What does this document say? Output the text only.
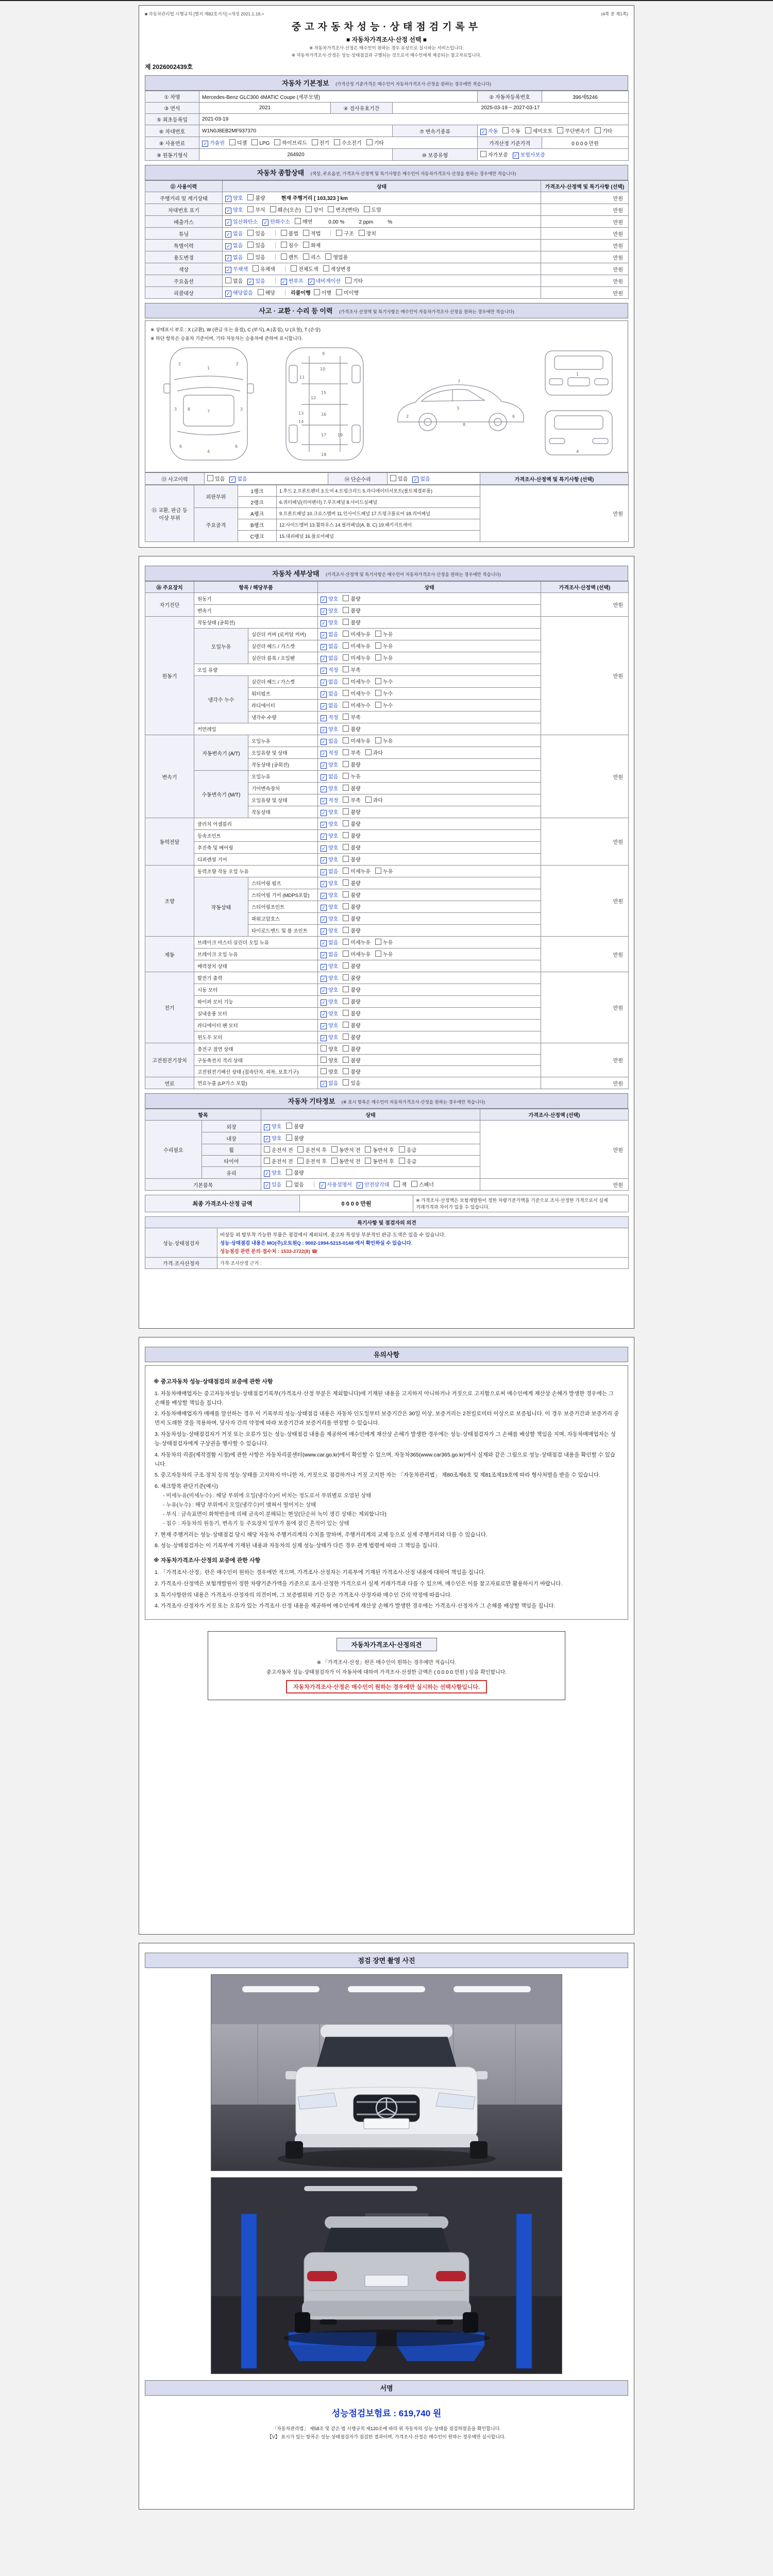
■ 자동차관리법 시행규칙 [별지 제82호서식] <개정 2021.1.19.>	(4쪽 중 제1쪽)
중고자동차성능·상태점검기록부
■ 자동차가격조사·산정 선택 ■
※ 자동차가격조사·산정은 매수인이 원하는 경우 유상으로 실시하는 서비스입니다.
※ 자동차가격조사·산정은 성능·상태점검과 구별되는 것으로서 매수인에게 제공되는 참고자료입니다.
제 2026002439호
자동차 기본정보 (가격산정 기준가격은 매수인이 자동차가격조사·산정을 원하는 경우에만 적습니다)
① 차명	Mercedes-Benz GLC300 4MATIC Coupe (세부모델)			② 자동차등록번호	396세5246
③ 연식	2021	④ 검사유효기간	2025-03-19 ~ 2027-03-17		
⑤ 최초등록일	2021-03-19				
⑥ 차대번호	W1N0J8EB2MF937370		⑦ 변속기종류	✓ 자동 수동 세미오토 무단변속기 기타	
⑧ 사용연료	✓ 가솔린 디젤 LPG 하이브리드 전기 수소전기 기타			가격산정 기준가격	0 0 0 0 만원
⑨ 원동기형식	264920		⑩ 보증유형	자가보증 ✓ 보험사보증	
자동차 종합상태 (색상, 주요옵션, 가격조사·산정액 및 특기사항은 매수인이 자동차가격조사·산정을 원하는 경우에만 적습니다)
⑪ 사용이력	상태	가격조사·산정액 및 특기사항 (선택)
주행거리 및 계기상태	✓ 양호 불량 현재 주행거리 [ 103,323 ] km	만원
차대번호 표기	✓ 양호 부식 훼손(오손) 상이 변조(변타) 도말	만원
배출가스	✓ 일산화탄소 ✓ 탄화수소 매연 0.00 % 2 ppm %	만원
튜닝	✓ 없음 있음 불법 적법 구조 장치	만원
특별이력	✓ 없음 있음 침수 화재	만원
용도변경	✓ 없음 있음 렌트 리스 영업용	만원
색상	✓ 무채색 유채색 전체도색 색상변경	만원
주요옵션	없음 ✓ 있음 ✓ 썬루프 ✓ 네비게이션 기타	만원
리콜대상	✓ 해당없음 해당 리콜이행 이행 미이행	만원
사고 · 교환 · 수리 등 이력 (가격조사·산정액 및 특기사항은 매수인이 자동차가격조사·산정을 원하는 경우에만 적습니다)
※ 상태표시 부호 : X (교환), W (판금 또는 용접), C (부식), A (흠집), U (요철), T (손상)
※ 하단 항목은 승용차 기준이며, 기타 자동차는 승용차에 준하여 표시합니다.
1
2	2
3	3
7
4
6	6
8
9
10
11
12
13
14
15
16
17
18
19
2
3
7
6
8
1
4
⑬ 사고이력	있음 ✓ 없음	⑭ 단순수리	있음 ✓ 없음	가격조사·산정액 및 특기사항 (선택)
⑮ 교환, 판금 등 이상 부위	외판부위	1랭크	1.후드 2.프론트펜더 3.도어 4.트렁크리드 5.라디에이터서포트(볼트체결부품)	만원
		2랭크	6.쿼터패널(리어펜더) 7.루프패널 8.사이드실패널	
	주요골격	A랭크	9.프론트패널 10.크로스멤버 11.인사이드패널 17.트렁크플로어 18.리어패널	
		B랭크	12.사이드멤버 13.휠하우스 14.필러패널(A, B, C) 19.패키지트레이	
		C랭크	15.대쉬패널 16.플로어패널	
자동차 세부상태 (가격조사·산정액 및 특기사항은 매수인이 자동차가격조사·산정을 원하는 경우에만 적습니다)
⑯ 주요장치	항목 / 해당부품		상태	가격조사·산정액 (선택)
자기진단	원동기		✓ 양호 불량	만원
	변속기		✓ 양호 불량	
원동기	작동상태 (공회전)		✓ 양호 불량	만원
	오일누유	실린더 커버 (로커암 커버)	✓ 없음 미세누유 누유	
		실린더 헤드 / 가스켓	✓ 없음 미세누유 누유	
		실린더 블록 / 오일팬	✓ 없음 미세누유 누유	
	오일 유량		✓ 적정 부족	
	냉각수 누수	실린더 헤드 / 가스켓	✓ 없음 미세누수 누수	
		워터펌프	✓ 없음 미세누수 누수	
		라디에이터	✓ 없음 미세누수 누수	
		냉각수 수량	✓ 적정 부족	
	커먼레일		✓ 양호 불량	
변속기	자동변속기 (A/T)	오일누유	✓ 없음 미세누유 누유	만원
		오일유량 및 상태	✓ 적정 부족 과다	
		작동상태 (공회전)	✓ 양호 불량	
	수동변속기 (M/T)	오일누유	✓ 없음 누유	
		기어변속장치	✓ 양호 불량	
		오일유량 및 상태	✓ 적정 부족 과다	
		작동상태	✓ 양호 불량	
동력전달	클러치 어셈블리		✓ 양호 불량	만원
	등속조인트		✓ 양호 불량	
	추진축 및 베어링		✓ 양호 불량	
	디퍼렌셜 기어		✓ 양호 불량	
조향	동력조향 작동 오일 누유		✓ 없음 미세누유 누유	만원
	작동상태	스티어링 펌프	✓ 양호 불량	
		스티어링 기어 (MDPS포함)	✓ 양호 불량	
		스티어링조인트	✓ 양호 불량	
		파워고압호스	✓ 양호 불량	
		타이로드엔드 및 볼 조인트	✓ 양호 불량	
제동	브레이크 마스터 실린더 오일 누유		✓ 없음 미세누유 누유	만원
	브레이크 오일 누유		✓ 없음 미세누유 누유	
	배력장치 상태		✓ 양호 불량	
전기	발전기 출력		✓ 양호 불량	만원
	시동 모터		✓ 양호 불량	
	와이퍼 모터 기능		✓ 양호 불량	
	실내송풍 모터		✓ 양호 불량	
	라디에이터 팬 모터		✓ 양호 불량	
	윈도우 모터		✓ 양호 불량	
고전원전기장치	충전구 절연 상태		양호 불량	만원
	구동축전지 격리 상태		양호 불량	
	고전원전기배선 상태 (접속단자, 피복, 보호기구)		양호 불량	
연료	연료누출 (LP가스 포함)		✓ 없음 있음	만원
자동차 기타정보 (※ 표시 항목은 매수인이 자동차가격조사·산정을 원하는 경우에만 적습니다)
항목		상태	가격조사·산정액 (선택)
수리필요	외장	✓ 양호 불량	만원
	내장	✓ 양호 불량	
	휠	운전석 전 운전석 후 동반석 전 동반석 후 응급	
	타이어	운전석 전 운전석 후 동반석 전 동반석 후 응급	
	유리	✓ 양호 불량	
기본품목		✓ 있음 없음 ✓ 사용설명서 ✓ 안전삼각대 잭 스패너	만원
최종 가격조사·산정 금액	0 0 0 0 만원	※ 가격조사·산정액은 보험개발원이 정한 차량기준가액을 기준으로 조사·산정한 가격으로서 실제 거래가격과 차이가 있을 수 있습니다.
특기사항 및 점검자의 의견	
성능·상태점검자	비상등 외 탈부착 가능한 부품은 점검에서 제외되며, 중고차 특성상 부분적인 판금·도색은 있을 수 있습니다.
성능·상태점검 내용은 MO(주)오토원Q : 9002-1994-5215-0148 에서 확인하실 수 있습니다.
성능점검 관련 문의·접수처 : 1533-2722(8) ☎

가격·조사산정자	가격·조사산정 근거 :
유의사항
※ 중고자동차 성능·상태점검의 보증에 관한 사항
1. 자동차매매업자는 중고자동차성능·상태점검기록부(가격조사·산정 부분은 제외합니다)에 기재된 내용을 고지하지 아니하거나 거짓으로 고지함으로써 매수인에게 재산상 손해가 발생한 경우에는 그 손해를 배상할 책임을 집니다.
2. 자동차매매업자가 매매를 알선하는 경우 이 기록부의 성능·상태점검 내용은 자동차 인도일부터 보증기간은 30일 이상, 보증거리는 2천킬로미터 이상으로 보증됩니다. 이 경우 보증기간과 보증거리 중 먼저 도래한 것을 적용하며, 당사자 간의 약정에 따라 보증기간과 보증거리를 연장할 수 있습니다.
3. 자동차성능·상태점검자가 거짓 또는 오류가 있는 성능·상태점검 내용을 제공하여 매수인에게 재산상 손해가 발생한 경우에는 성능·상태점검자가 그 손해를 배상할 책임을 지며, 자동차매매업자는 성능·상태점검자에게 구상권을 행사할 수 있습니다.
4. 자동차의 리콜(제작결함 시정)에 관한 사항은 자동차리콜센터(www.car.go.kr)에서 확인할 수 있으며, 자동차365(www.car365.go.kr)에서 실제와 같은 그림으로 성능·상태점검 내용을 확인할 수 있습니다.
5. 중고자동차의 구조·장치 등의 성능·상태를 고지하지 아니한 자, 거짓으로 점검하거나 거짓 고지한 자는 「자동차관리법」 제80조제6호 및 제81조제19호에 따라 형사처벌을 받을 수 있습니다.
6. 체크항목 판단기준(예시)
- 미세누유(미세누수) : 해당 부위에 오일(냉각수)이 비치는 정도로서 부위별로 오염된 상태
- 누유(누수) : 해당 부위에서 오일(냉각수)이 맺혀서 떨어지는 상태
- 부식 : 금속표면이 화학반응에 의해 금속이 분해되는 현상(단순히 녹이 생긴 상태는 제외합니다)
- 침수 : 자동차의 원동기, 변속기 등 주요장치 일부가 물에 잠긴 흔적이 있는 상태
7. 현재 주행거리는 성능·상태점검 당시 해당 자동차 주행거리계의 수치를 말하며, 주행거리계의 교체 등으로 실제 주행거리와 다를 수 있습니다.
8. 성능·상태점검자는 이 기록부에 기재된 내용과 자동차의 실제 성능·상태가 다른 경우 관계 법령에 따라 그 책임을 집니다.
※ 자동차가격조사·산정의 보증에 관한 사항
1. 「가격조사·산정」란은 매수인이 원하는 경우에만 적으며, 가격조사·산정자는 기록부에 기재된 가격조사·산정 내용에 대하여 책임을 집니다.
2. 가격조사·산정액은 보험개발원이 정한 차량기준가액을 기준으로 조사·산정한 가격으로서 실제 거래가격과 다를 수 있으며, 매수인은 이를 참고자료로만 활용하시기 바랍니다.
3. 특기사항란의 내용은 가격조사·산정자의 의견이며, 그 보증범위와 기간 등은 가격조사·산정자와 매수인 간의 약정에 따릅니다.
4. 가격조사·산정자가 거짓 또는 오류가 있는 가격조사·산정 내용을 제공하여 매수인에게 재산상 손해가 발생한 경우에는 가격조사·산정자가 그 손해를 배상할 책임을 집니다.
자동차가격조사·산정의견
※ 「가격조사·산정」란은 매수인이 원하는 경우에만 적습니다.
중고자동차 성능·상태점검자가 이 자동차에 대하여 가격조사·산정한 금액은 ( 0 0 0 0 만원 ) 임을 확인합니다.
자동차가격조사·산정은 매수인이 원하는 경우에만 실시하는 선택사항입니다.
점검 장면 촬영 사진
서명
성능점검보험료 : 619,740 원
「자동차관리법」 제58조 및 같은 법 시행규칙 제120조에 따라 위 자동차의 성능·상태를 점검하였음을 확인합니다.
【V】 표시가 있는 항목은 성능·상태점검자가 점검한 결과이며, 가격조사·산정은 매수인이 원하는 경우에만 실시합니다.
